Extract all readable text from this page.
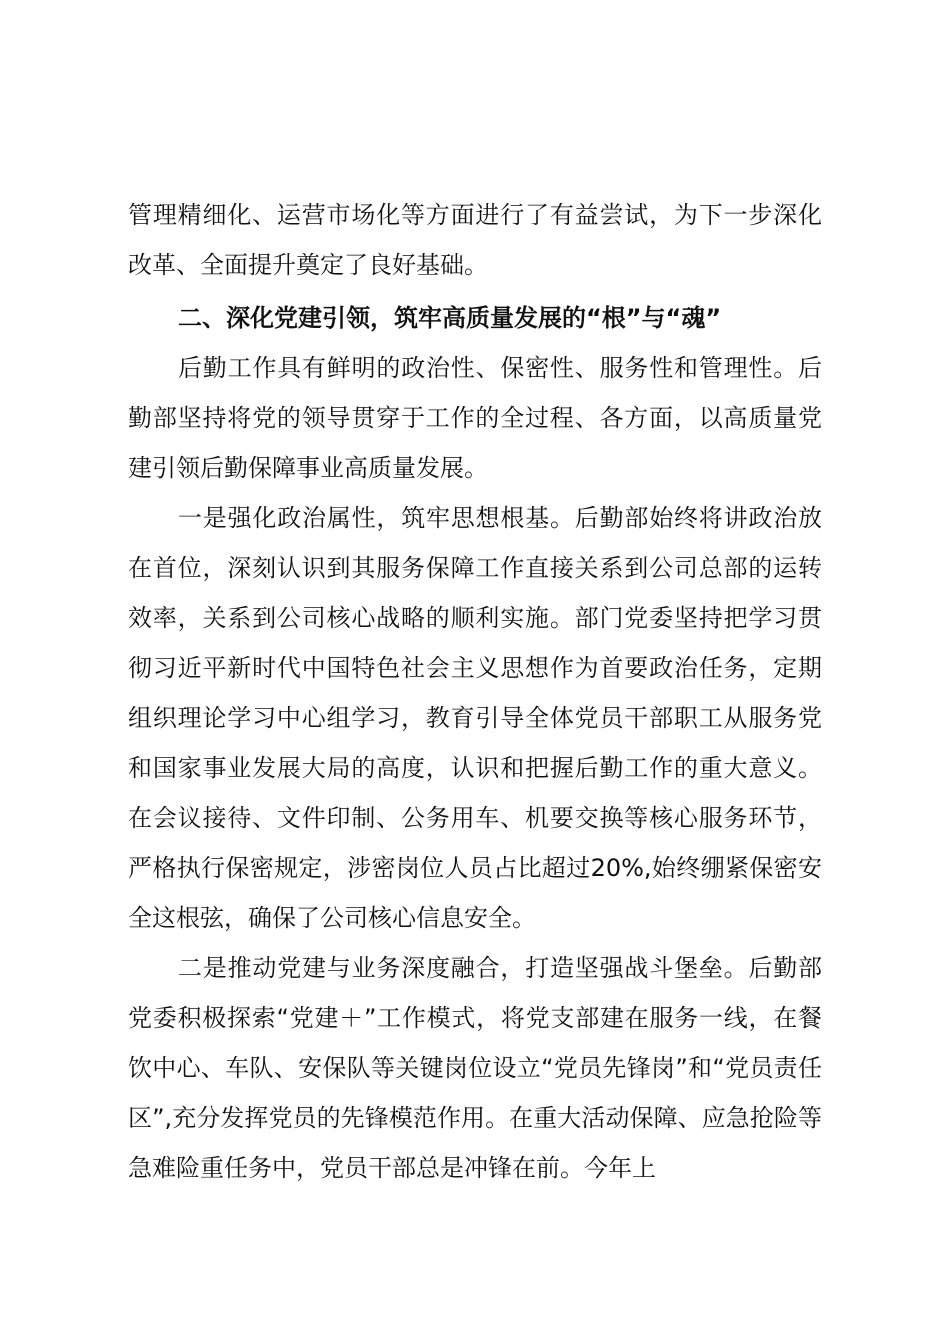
管理精细化、运营市场化等方面进行了有益尝试，为下一步深化改革、全面提升奠定了良好基础。

二、深化党建引领，筑牢高质量发展的“根”与“魂”

后勤工作具有鲜明的政治性、保密性、服务性和管理性。后勤部坚持将党的领导贯穿于工作的全过程、各方面，以高质量党建引领后勤保障事业高质量发展。

一是强化政治属性，筑牢思想根基。后勤部始终将讲政治放在首位，深刻认识到其服务保障工作直接关系到公司总部的运转效率，关系到公司核心战略的顺利实施。部门党委坚持把学习贯彻习近平新时代中国特色社会主义思想作为首要政治任务，定期组织理论学习中心组学习，教育引导全体党员干部职工从服务党和国家事业发展大局的高度，认识和把握后勤工作的重大意义。在会议接待、文件印制、公务用车、机要交换等核心服务环节，严格执行保密规定，涉密岗位人员占比超过20%,始终绷紧保密安全这根弦，确保了公司核心信息安全。

二是推动党建与业务深度融合，打造坚强战斗堡垒。后勤部党委积极探索“党建＋”工作模式，将党支部建在服务一线，在餐饮中心、车队、安保队等关键岗位设立“党员先锋岗”和“党员责任区”,充分发挥党员的先锋模范作用。在重大活动保障、应急抢险等急难险重任务中，党员干部总是冲锋在前。今年上
